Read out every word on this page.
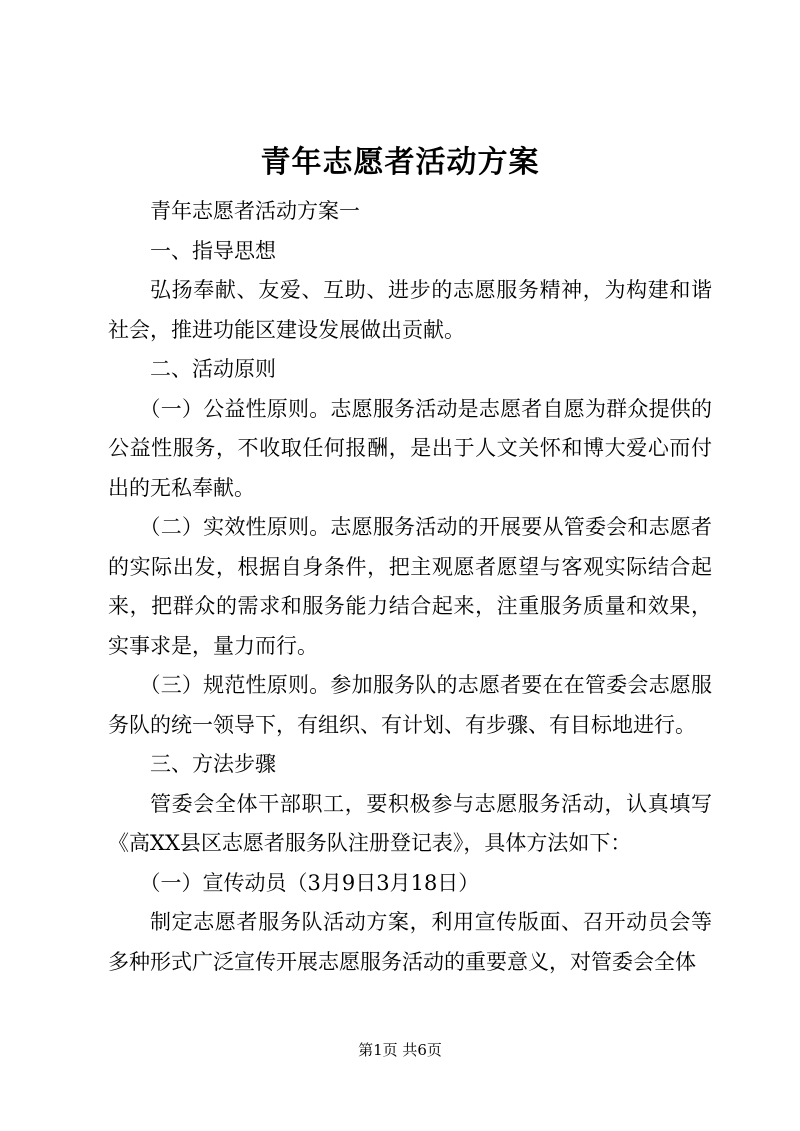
青年志愿者活动方案

青年志愿者活动方案一

一、指导思想

弘扬奉献、友爱、互助、进步的志愿服务精神，为构建和谐社会，推进功能区建设发展做出贡献。

二、活动原则

（一）公益性原则。志愿服务活动是志愿者自愿为群众提供的公益性服务，不收取任何报酬，是出于人文关怀和博大爱心而付出的无私奉献。

（二）实效性原则。志愿服务活动的开展要从管委会和志愿者的实际出发，根据自身条件，把主观愿者愿望与客观实际结合起来，把群众的需求和服务能力结合起来，注重服务质量和效果，实事求是，量力而行。

（三）规范性原则。参加服务队的志愿者要在在管委会志愿服务队的统一领导下，有组织、有计划、有步骤、有目标地进行。

三、方法步骤

管委会全体干部职工，要积极参与志愿服务活动，认真填写《高XX县区志愿者服务队注册登记表》，具体方法如下：

（一）宣传动员（3月9日3月18日）

制定志愿者服务队活动方案，利用宣传版面、召开动员会等多种形式广泛宣传开展志愿服务活动的重要意义，对管委会全体

第1页 共6页
